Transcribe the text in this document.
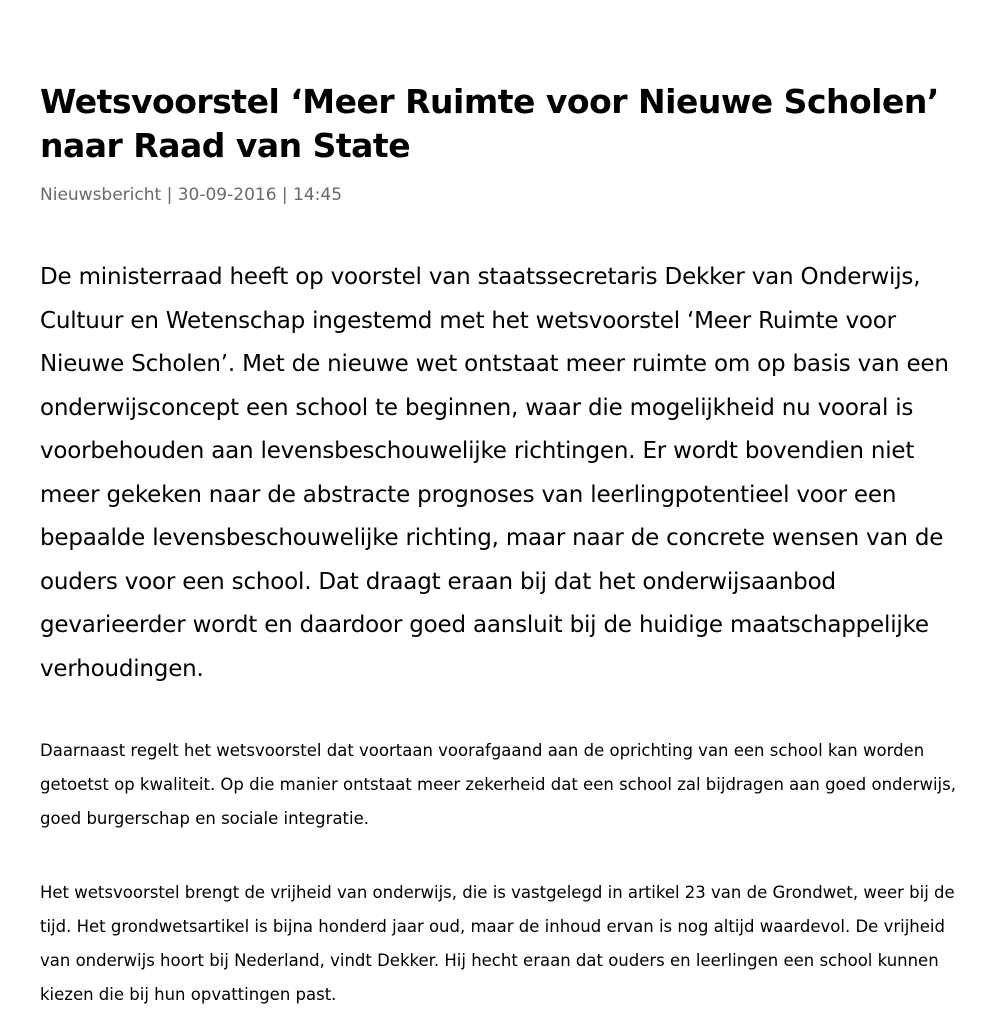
Wetsvoorstel ‘Meer Ruimte voor Nieuwe Scholen’ naar Raad van State
Nieuwsbericht | 30-09-2016 | 14:45

De ministerraad heeft op voorstel van staatssecretaris Dekker van Onderwijs, Cultuur en Wetenschap ingestemd met het wetsvoorstel ‘Meer Ruimte voor Nieuwe Scholen’. Met de nieuwe wet ontstaat meer ruimte om op basis van een onderwijsconcept een school te beginnen, waar die mogelijkheid nu vooral is voorbehouden aan levensbeschouwelijke richtingen. Er wordt bovendien niet meer gekeken naar de abstracte prognoses van leerlingpotentieel voor een bepaalde levensbeschouwelijke richting, maar naar de concrete wensen van de ouders voor een school. Dat draagt eraan bij dat het onderwijsaanbod gevarieerder wordt en daardoor goed aansluit bij de huidige maatschappelijke verhoudingen.

Daarnaast regelt het wetsvoorstel dat voortaan voorafgaand aan de oprichting van een school kan worden getoetst op kwaliteit. Op die manier ontstaat meer zekerheid dat een school zal bijdragen aan goed onderwijs, goed burgerschap en sociale integratie.

Het wetsvoorstel brengt de vrijheid van onderwijs, die is vastgelegd in artikel 23 van de Grondwet, weer bij de tijd. Het grondwetsartikel is bijna honderd jaar oud, maar de inhoud ervan is nog altijd waardevol. De vrijheid van onderwijs hoort bij Nederland, vindt Dekker. Hij hecht eraan dat ouders en leerlingen een school kunnen kiezen die bij hun opvattingen past.
